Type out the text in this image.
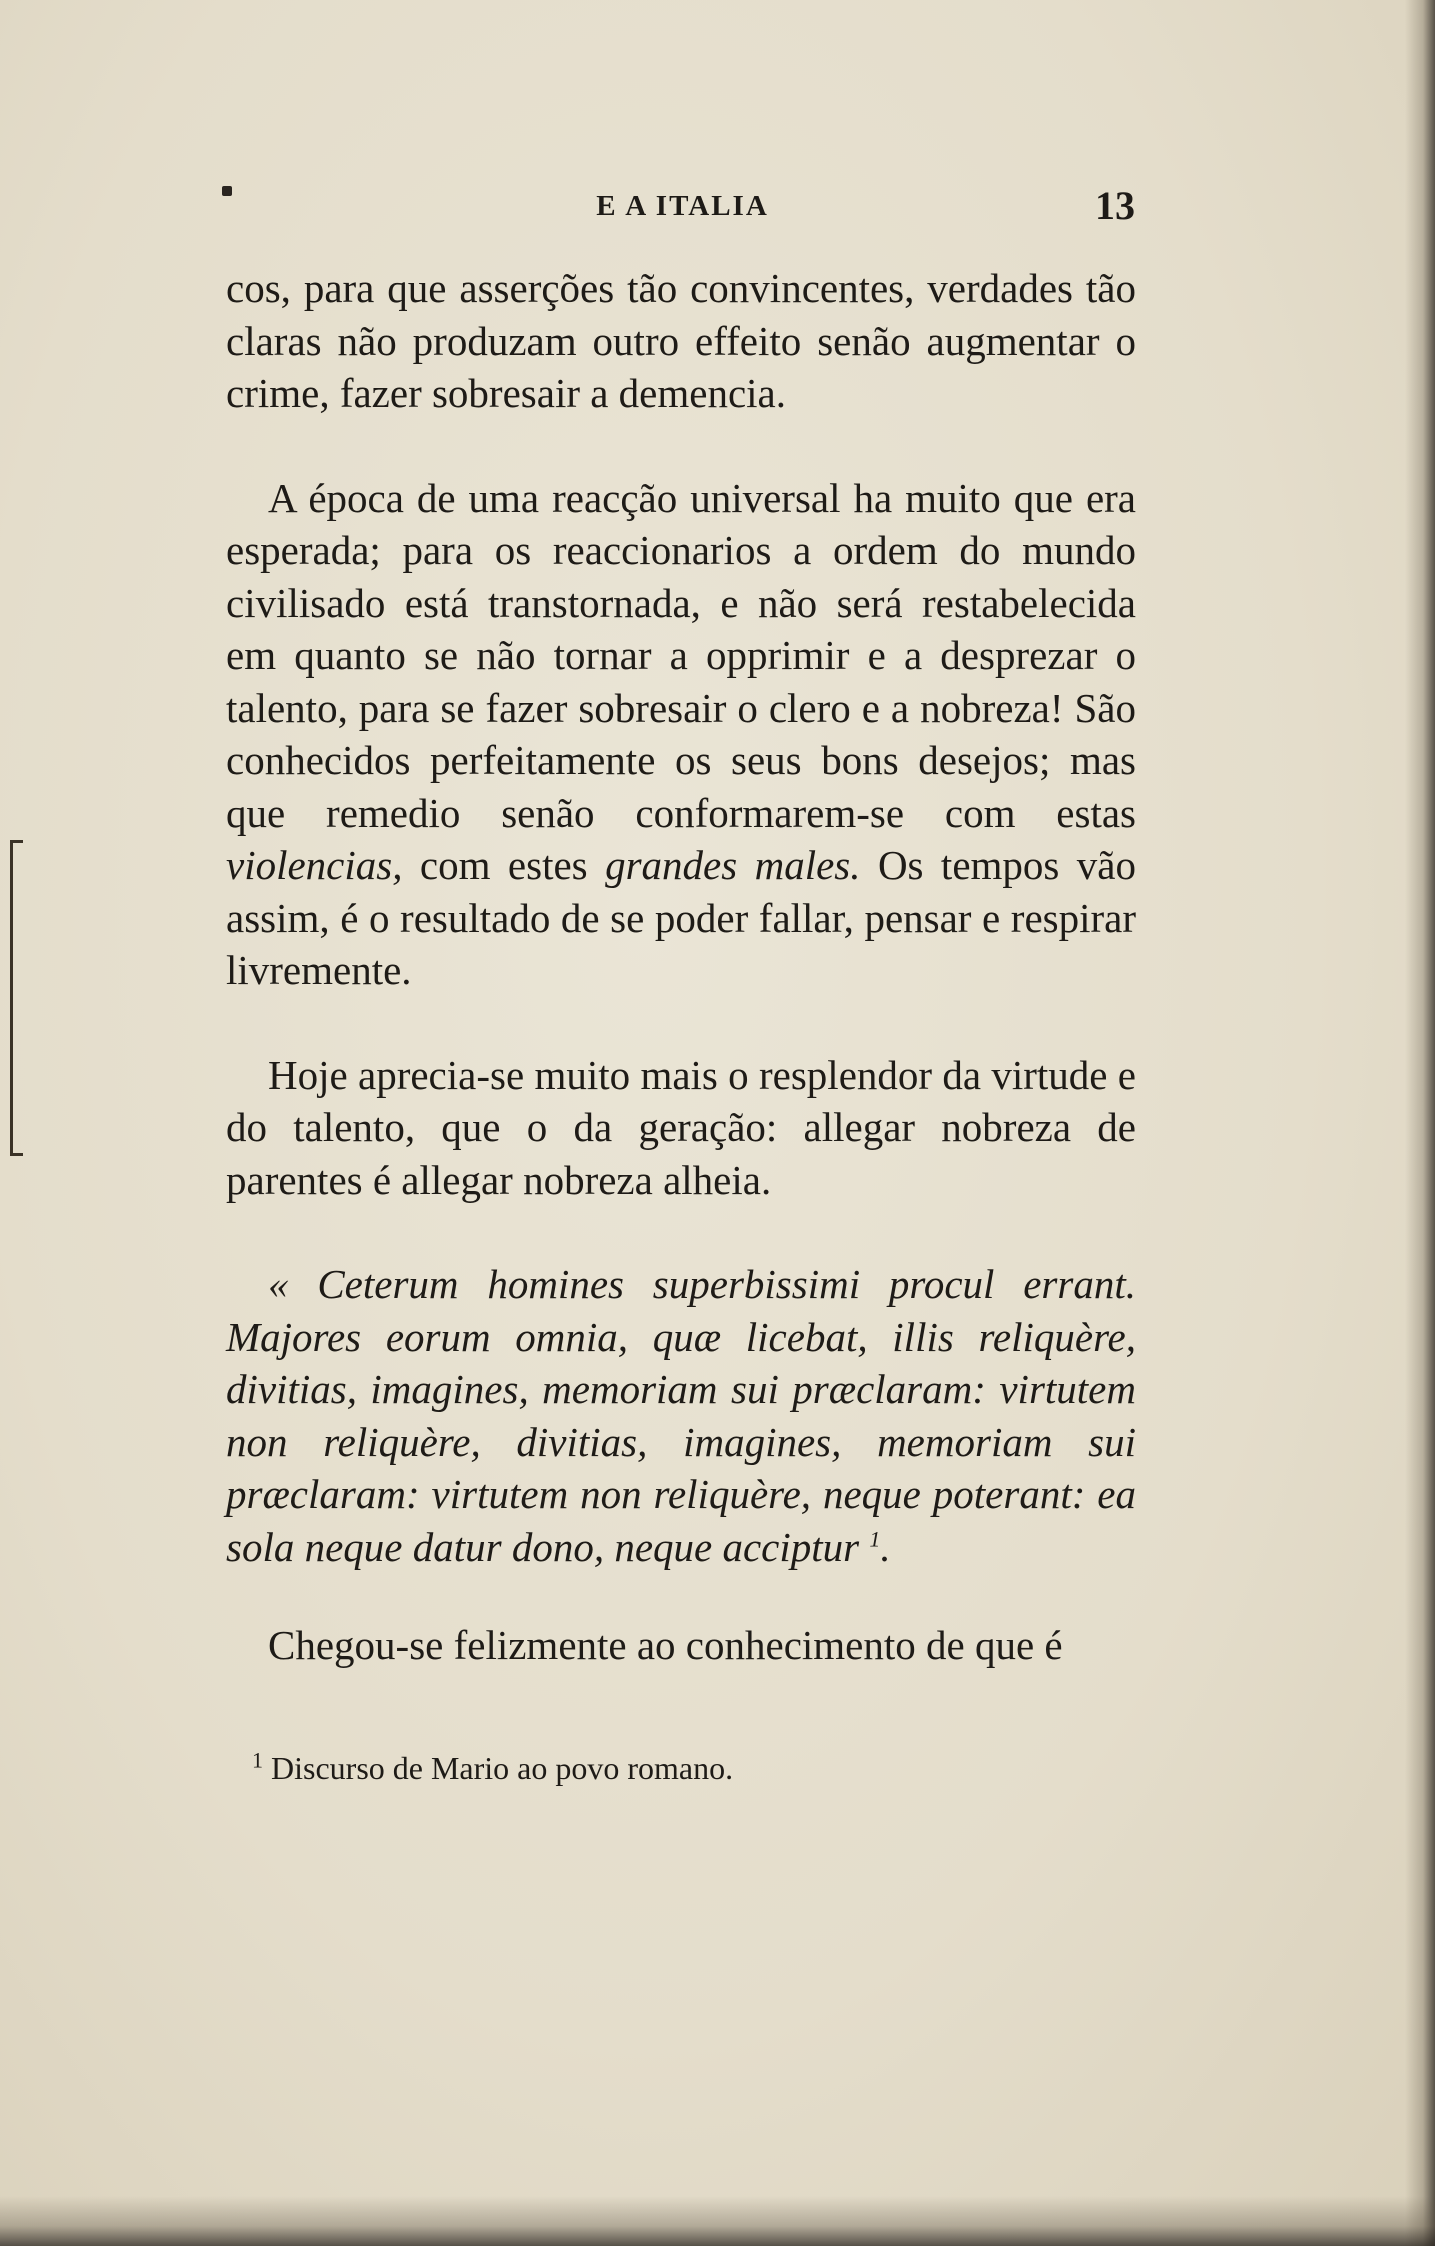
E A ITALIA	13

cos, para que asserções tão convincentes, verdades tão claras não produzam outro effeito senão augmentar o crime, fazer sobresair a demencia.

A época de uma reacção universal ha muito que era esperada; para os reaccionarios a ordem do mundo civilisado está transtornada, e não será restabelecida em quanto se não tornar a opprimir e a desprezar o talento, para se fazer sobresair o clero e a nobreza! São conhecidos perfeitamente os seus bons desejos; mas que remedio senão conformarem-se com estas violencias, com estes grandes males. Os tempos vão assim, é o resultado de se poder fallar, pensar e respirar livremente.

Hoje aprecia-se muito mais o resplendor da virtude e do talento, que o da geração: allegar nobreza de parentes é allegar nobreza alheia.

« Ceterum homines superbissimi procul errant. Majores eorum omnia, quæ licebat, illis reliquère, divitias, imagines, memoriam sui præclaram: virtutem non reliquère, divitias, imagines, memoriam sui præclaram: virtutem non reliquère, neque poterant: ea sola neque datur dono, neque acciptur $^1$.

Chegou-se felizmente ao conhecimento de que é

$^1$ Discurso de Mario ao povo romano.
